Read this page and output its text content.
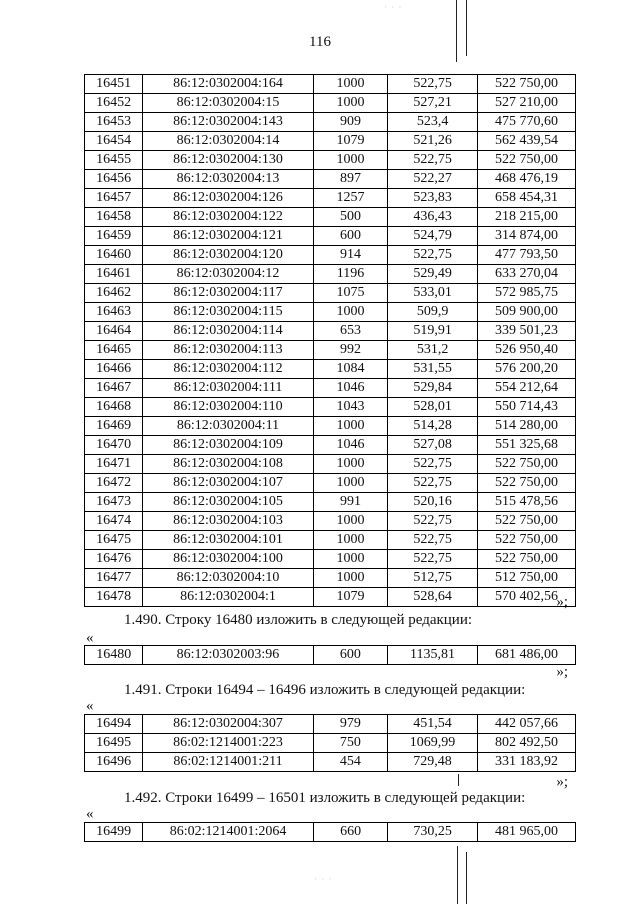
· · ·
· · ·
116
16451	86:12:0302004:164	1000	522,75	522 750,00
16452	86:12:0302004:15	1000	527,21	527 210,00
16453	86:12:0302004:143	909	523,4	475 770,60
16454	86:12:0302004:14	1079	521,26	562 439,54
16455	86:12:0302004:130	1000	522,75	522 750,00
16456	86:12:0302004:13	897	522,27	468 476,19
16457	86:12:0302004:126	1257	523,83	658 454,31
16458	86:12:0302004:122	500	436,43	218 215,00
16459	86:12:0302004:121	600	524,79	314 874,00
16460	86:12:0302004:120	914	522,75	477 793,50
16461	86:12:0302004:12	1196	529,49	633 270,04
16462	86:12:0302004:117	1075	533,01	572 985,75
16463	86:12:0302004:115	1000	509,9	509 900,00
16464	86:12:0302004:114	653	519,91	339 501,23
16465	86:12:0302004:113	992	531,2	526 950,40
16466	86:12:0302004:112	1084	531,55	576 200,20
16467	86:12:0302004:111	1046	529,84	554 212,64
16468	86:12:0302004:110	1043	528,01	550 714,43
16469	86:12:0302004:11	1000	514,28	514 280,00
16470	86:12:0302004:109	1046	527,08	551 325,68
16471	86:12:0302004:108	1000	522,75	522 750,00
16472	86:12:0302004:107	1000	522,75	522 750,00
16473	86:12:0302004:105	991	520,16	515 478,56
16474	86:12:0302004:103	1000	522,75	522 750,00
16475	86:12:0302004:101	1000	522,75	522 750,00
16476	86:12:0302004:100	1000	522,75	522 750,00
16477	86:12:0302004:10	1000	512,75	512 750,00
16478	86:12:0302004:1	1079	528,64	570 402,56
»;
1.490. Строку 16480 изложить в следующей редакции:
«
16480	86:12:0302003:96	600	1135,81	681 486,00
»;
1.491. Строки 16494 – 16496 изложить в следующей редакции:
«
16494	86:12:0302004:307	979	451,54	442 057,66
16495	86:02:1214001:223	750	1069,99	802 492,50
16496	86:02:1214001:211	454	729,48	331 183,92
»;
1.492. Строки 16499 – 16501 изложить в следующей редакции:
«
16499	86:02:1214001:2064	660	730,25	481 965,00
